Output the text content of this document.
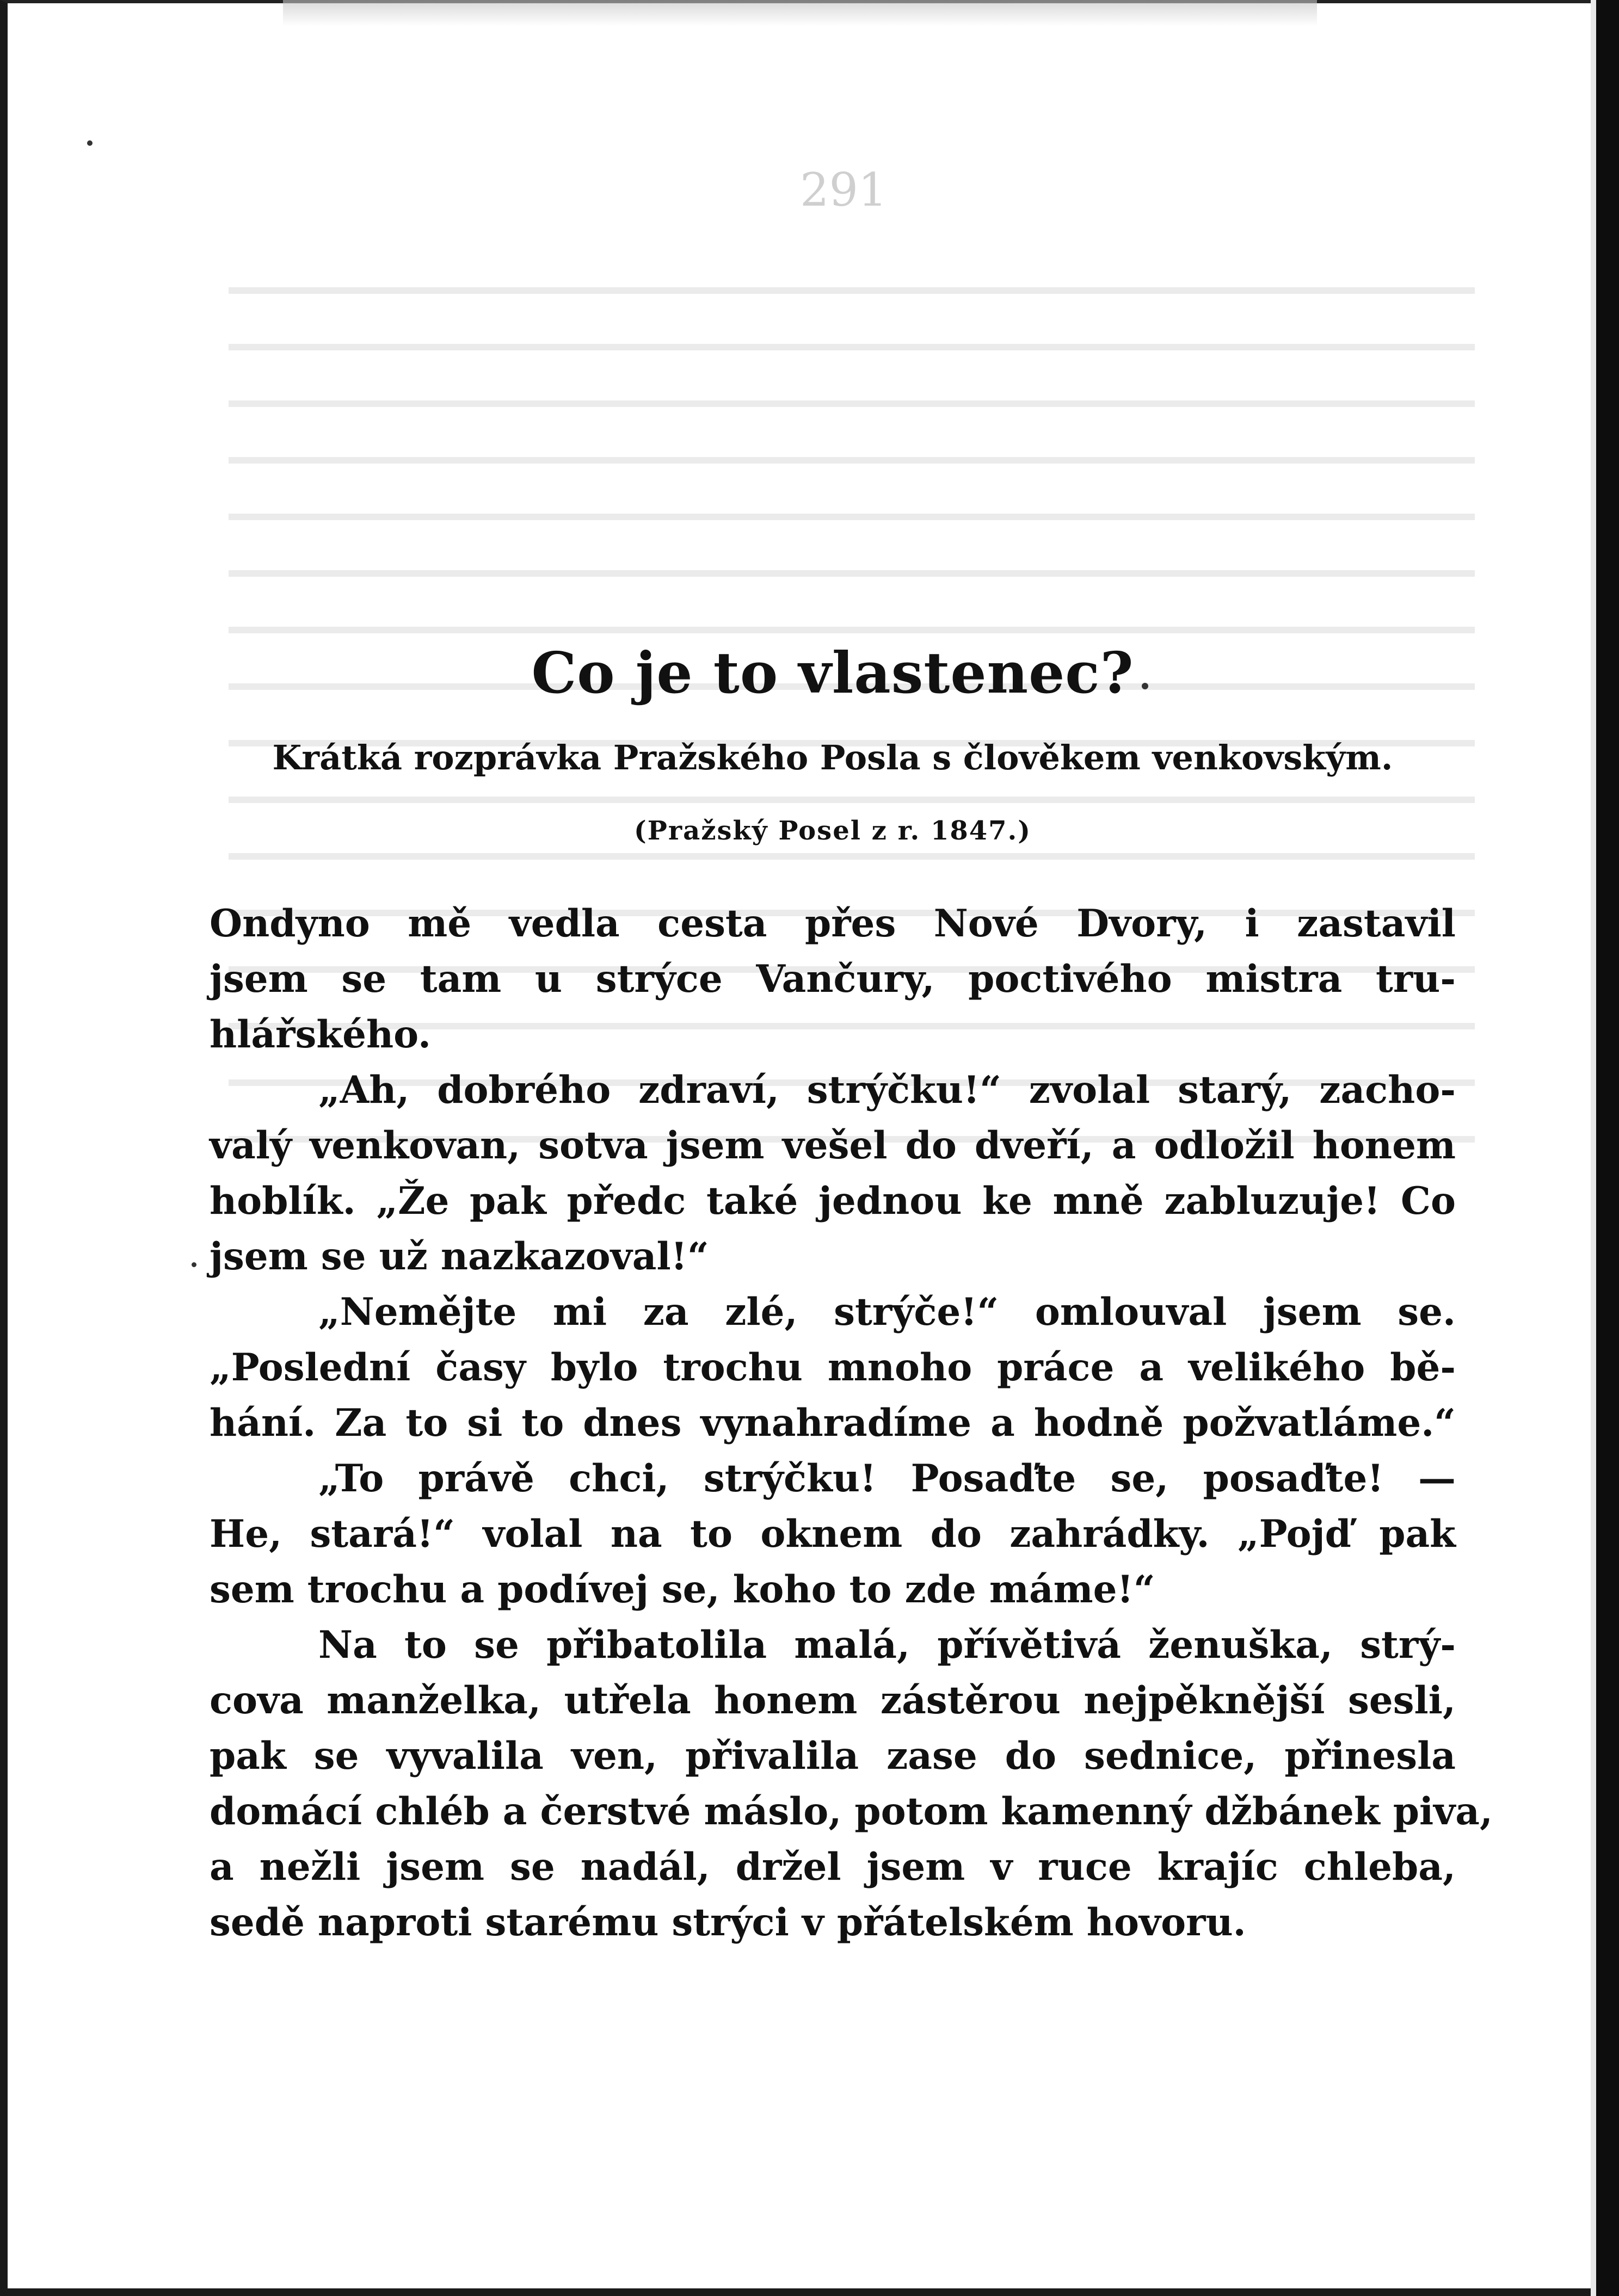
291
Co je to vlastenec?
Krátká rozprávka Pražského Posla s člověkem venkovským.
(Pražský Posel z r. 1847.)
Ondyno mě vedla cesta přes Nové Dvory, i zastavil
jsem se tam u strýce Vančury, poctivého mistra tru-
hlářského.
„Ah, dobrého zdraví, strýčku!“ zvolal starý, zacho-
valý venkovan, sotva jsem vešel do dveří, a odložil honem
hoblík. „Že pak předc také jednou ke mně zabluzuje! Co
jsem se už nazkazoval!“
„Nemějte mi za zlé, strýče!“ omlouval jsem se.
„Poslední časy bylo trochu mnoho práce a velikého bě-
hání. Za to si to dnes vynahradíme a hodně požvatláme.“
„To právě chci, strýčku! Posaďte se, posaďte! —
He, stará!“ volal na to oknem do zahrádky. „Pojď pak
sem trochu a podívej se, koho to zde máme!“
Na to se přibatolila malá, přívětivá ženuška, strý-
cova manželka, utřela honem zástěrou nejpěknější sesli,
pak se vyvalila ven, přivalila zase do sednice, přinesla
domácí chléb a čerstvé máslo, potom kamenný džbánek piva,
a nežli jsem se nadál, držel jsem v ruce krajíc chleba,
sedě naproti starému strýci v přátelském hovoru.
